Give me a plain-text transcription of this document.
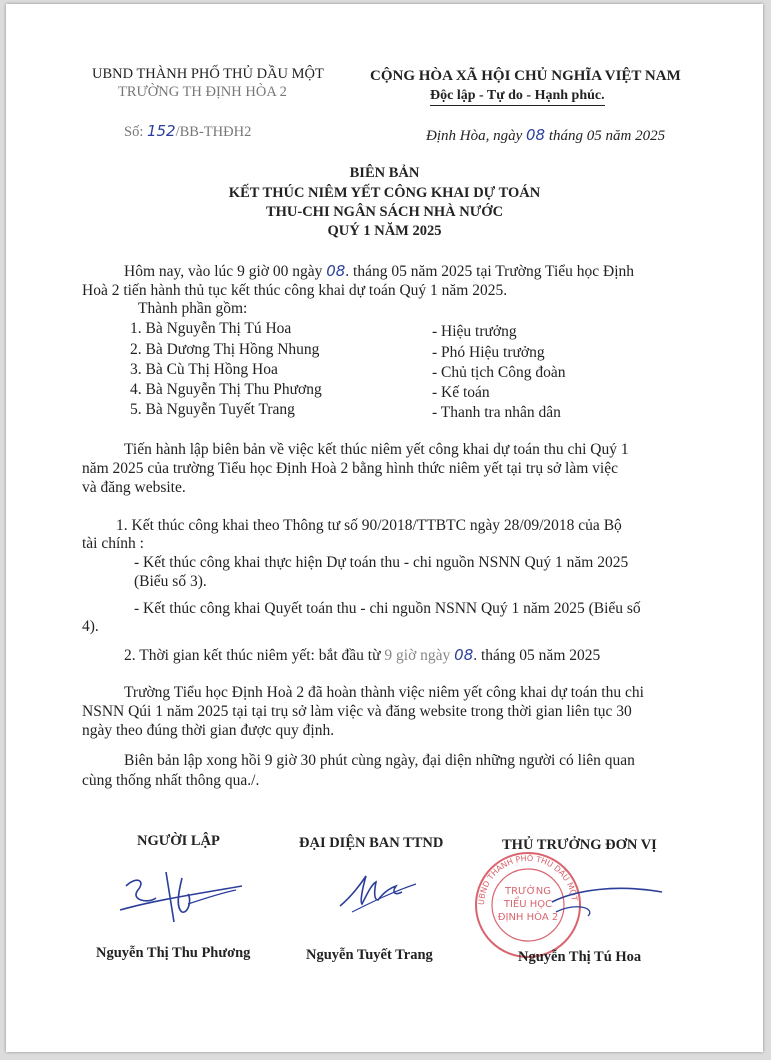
UBND THÀNH PHỐ THỦ DẦU MỘT
TRƯỜNG TH ĐỊNH HÒA 2
CỘNG HÒA XÃ HỘI CHỦ NGHĨA VIỆT NAM
Độc lập - Tự do - Hạnh phúc.
Số: 152/BB-THĐH2	Định Hòa, ngày 08 tháng 05 năm 2025
BIÊN BẢN
KẾT THÚC NIÊM YẾT CÔNG KHAI DỰ TOÁN
THU-CHI NGÂN SÁCH NHÀ NƯỚC
QUÝ 1 NĂM 2025
Hôm nay, vào lúc 9 giờ 00 ngày 08. tháng 05 năm 2025 tại Trường Tiểu học Định
Hoà 2 tiến hành thủ tục kết thúc công khai dự toán Quý 1 năm 2025.
Thành phần gồm:
1. Bà Nguyễn Thị Tú Hoa	- Hiệu trưởng
2. Bà Dương Thị Hồng Nhung	- Phó Hiệu trưởng
3. Bà Cù Thị Hồng Hoa	- Chủ tịch Công đoàn
4. Bà Nguyễn Thị Thu Phương	- Kế toán
5. Bà Nguyễn Tuyết Trang	- Thanh tra nhân dân
Tiến hành lập biên bản về việc kết thúc niêm yết công khai dự toán thu chi Quý 1
năm 2025 của trường Tiểu học Định Hoà 2 bằng hình thức niêm yết tại trụ sở làm việc
và đăng website.
1. Kết thúc công khai theo Thông tư số 90/2018/TTBTC ngày 28/09/2018 của Bộ
tài chính :
- Kết thúc công khai thực hiện Dự toán thu - chi nguồn NSNN Quý 1 năm 2025
(Biểu số 3).
- Kết thúc công khai Quyết toán thu - chi nguồn NSNN Quý 1 năm 2025 (Biểu số
4).
2. Thời gian kết thúc niêm yết: bắt đầu từ 9 giờ ngày 08. tháng 05 năm 2025
Trường Tiểu học Định Hoà 2 đã hoàn thành việc niêm yết công khai dự toán thu chi
NSNN Qúi 1 năm 2025 tại tại trụ sở làm việc và đăng website trong thời gian liên tục 30
ngày theo đúng thời gian được quy định.
Biên bản lập xong hồi 9 giờ 30 phút cùng ngày, đại diện những người có liên quan
cùng thống nhất thông qua./.
NGƯỜI LẬP	ĐẠI DIỆN BAN TTND	THỦ TRƯỞNG ĐƠN VỊ
UBND THÀNH PHỐ THỦ DẦU MỘT
TRƯỜNG
TIỂU HỌC
ĐỊNH HÒA 2
Nguyễn Thị Thu Phương	Nguyễn Tuyết Trang	Nguyễn Thị Tú Hoa
